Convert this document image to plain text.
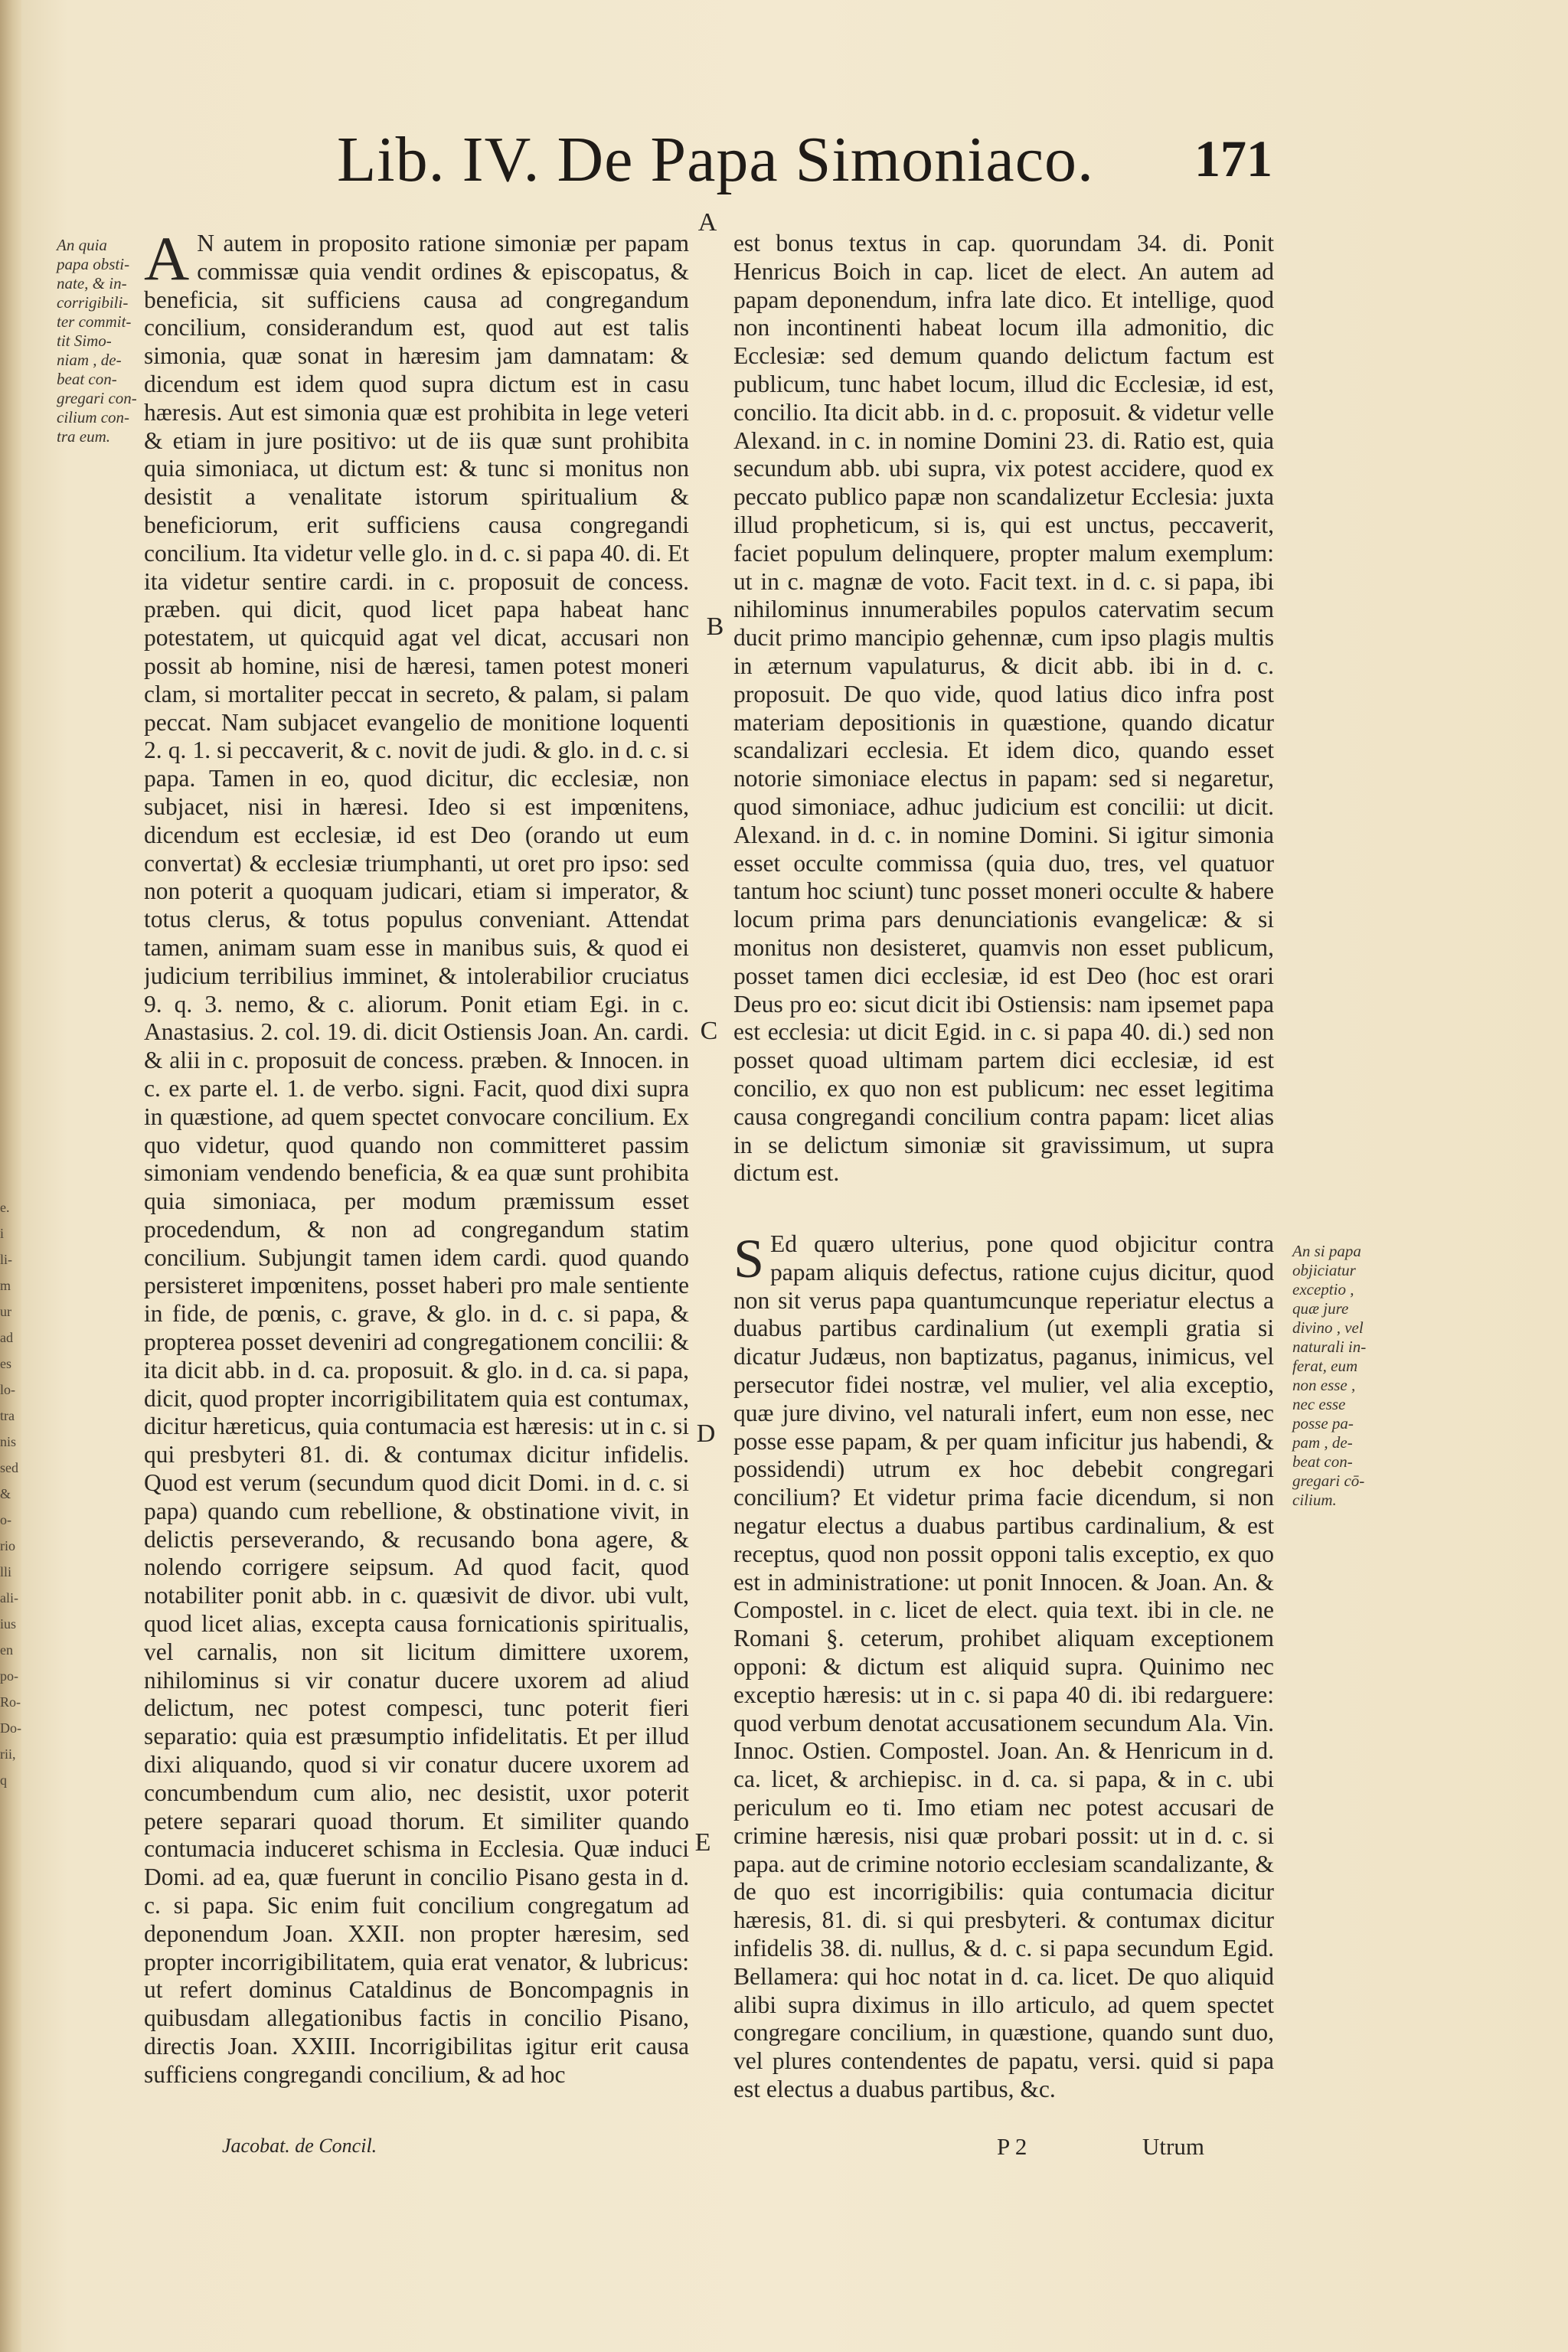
e.
i
li-
m
ur
ad
es
lo-
tra
nis
sed
&
o-
rio
lli
ali-
ius
en
po-
Ro-
Do-
rii,
q
Lib. IV. De Papa Simoniaco.	171
An quia
papa obsti-
nate, & in-
corrigibili-
ter commit-
tit Simo-
niam , de-
beat con-
gregari con-
cilium con-
tra eum.
An si papa
objiciatur
exceptio ,
quæ jure
divino , vel
naturali in-
ferat, eum
non esse ,
nec esse
posse pa-
pam , de-
beat con-
gregari cō-
cilium.
A
B
C
D
E

A N autem in proposito ratione simoniæ per papam commissæ quia vendit ordines & episcopatus, & beneficia, sit sufficiens causa ad congregandum concilium, considerandum est, quod aut est talis simonia, quæ sonat in hæresim jam damnatam: & dicendum est idem quod supra dictum est in casu hæresis. Aut est simonia quæ est prohibita in lege veteri & etiam in jure positivo: ut de iis quæ sunt prohibita quia simoniaca, ut dictum est: & tunc si monitus non desistit a venalitate istorum spiritualium & beneficiorum, erit sufficiens causa congregandi concilium. Ita videtur velle glo. in d. c. si papa 40. di. Et ita videtur sentire cardi. in c. proposuit de concess. præben. qui dicit, quod licet papa habeat hanc potestatem, ut quicquid agat vel dicat, accusari non possit ab homine, nisi de hæresi, tamen potest moneri clam, si mortaliter peccat in secreto, & palam, si palam peccat. Nam subjacet evangelio de monitione loquenti 2. q. 1. si peccaverit, & c. novit de judi. & glo. in d. c. si papa. Tamen in eo, quod dicitur, dic ecclesiæ, non subjacet, nisi in hæresi. Ideo si est impœnitens, dicendum est ecclesiæ, id est Deo (orando ut eum convertat) & ecclesiæ triumphanti, ut oret pro ipso: sed non poterit a quoquam judicari, etiam si imperator, & totus clerus, & totus populus conveniant. Attendat tamen, animam suam esse in manibus suis, & quod ei judicium terribilius imminet, & intolerabilior cruciatus 9. q. 3. nemo, & c. aliorum. Ponit etiam Egi. in c. Anastasius. 2. col. 19. di. dicit Ostiensis Joan. An. cardi. & alii in c. proposuit de concess. præben. & Innocen. in c. ex parte el. 1. de verbo. signi. Facit, quod dixi supra in quæstione, ad quem spectet convocare concilium. Ex quo videtur, quod quando non committeret passim simoniam vendendo beneficia, & ea quæ sunt prohibita quia simoniaca, per modum præmissum esset procedendum, & non ad congregandum statim concilium. Subjungit tamen idem cardi. quod quando persisteret impœnitens, posset haberi pro male sentiente in fide, de pœnis, c. grave, & glo. in d. c. si papa, & propterea posset deveniri ad congregationem concilii: & ita dicit abb. in d. ca. proposuit. & glo. in d. ca. si papa, dicit, quod propter incorrigibilitatem quia est contumax, dicitur hæreticus, quia contumacia est hæresis: ut in c. si qui presbyteri 81. di. & contumax dicitur infidelis. Quod est verum (secundum quod dicit Domi. in d. c. si papa) quando cum rebellione, & obstinatione vivit, in delictis perseverando, & recusando bona agere, & nolendo corrigere seipsum. Ad quod facit, quod notabiliter ponit abb. in c. quæsivit de divor. ubi vult, quod licet alias, excepta causa fornicationis spiritualis, vel carnalis, non sit licitum dimittere uxorem, nihilominus si vir conatur ducere uxorem ad aliud delictum, nec potest compesci, tunc poterit fieri separatio: quia est præsumptio infidelitatis. Et per illud dixi aliquando, quod si vir conatur ducere uxorem ad concumbendum cum alio, nec desistit, uxor poterit petere separari quoad thorum. Et similiter quando contumacia induceret schisma in Ecclesia. Quæ induci Domi. ad ea, quæ fuerunt in concilio Pisano gesta in d. c. si papa. Sic enim fuit concilium congregatum ad deponendum Joan. XXII. non propter hæresim, sed propter incorrigibilitatem, quia erat venator, & lubricus: ut refert dominus Cataldinus de Boncompagnis in quibusdam allegationibus factis in concilio Pisano, directis Joan. XXIII. Incorrigibilitas igitur erit causa sufficiens congregandi concilium, & ad hoc

est bonus textus in cap. quorundam 34. di. Ponit Henricus Boich in cap. licet de elect. An autem ad papam deponendum, infra late dico. Et intellige, quod non incontinenti habeat locum illa admonitio, dic Ecclesiæ: sed demum quando delictum factum est publicum, tunc habet locum, illud dic Ecclesiæ, id est, concilio. Ita dicit abb. in d. c. proposuit. & videtur velle Alexand. in c. in nomine Domini 23. di. Ratio est, quia secundum abb. ubi supra, vix potest accidere, quod ex peccato publico papæ non scandalizetur Ecclesia: juxta illud propheticum, si is, qui est unctus, peccaverit, faciet populum delinquere, propter malum exemplum: ut in c. magnæ de voto. Facit text. in d. c. si papa, ibi nihilominus innumerabiles populos catervatim secum ducit primo mancipio gehennæ, cum ipso plagis multis in æternum vapulaturus, & dicit abb. ibi in d. c. proposuit. De quo vide, quod latius dico infra post materiam depositionis in quæstione, quando dicatur scandalizari ecclesia. Et idem dico, quando esset notorie simoniace electus in papam: sed si negaretur, quod simoniace, adhuc judicium est concilii: ut dicit. Alexand. in d. c. in nomine Domini. Si igitur simonia esset occulte commissa (quia duo, tres, vel quatuor tantum hoc sciunt) tunc posset moneri occulte & habere locum prima pars denunciationis evangelicæ: & si monitus non desisteret, quamvis non esset publicum, posset tamen dici ecclesiæ, id est Deo (hoc est orari Deus pro eo: sicut dicit ibi Ostiensis: nam ipsemet papa est ecclesia: ut dicit Egid. in c. si papa 40. di.) sed non posset quoad ultimam partem dici ecclesiæ, id est concilio, ex quo non est publicum: nec esset legitima causa congregandi concilium contra papam: licet alias in se delictum simoniæ sit gravissimum, ut supra dictum est.

S Ed quæro ulterius, pone quod objicitur contra papam aliquis defectus, ratione cujus dicitur, quod non sit verus papa quantumcunque reperiatur electus a duabus partibus cardinalium (ut exempli gratia si dicatur Judæus, non baptizatus, paganus, inimicus, vel persecutor fidei nostræ, vel mulier, vel alia exceptio, quæ jure divino, vel naturali infert, eum non esse, nec posse esse papam, & per quam inficitur jus habendi, & possidendi) utrum ex hoc debebit congregari concilium? Et videtur prima facie dicendum, si non negatur electus a duabus partibus cardinalium, & est receptus, quod non possit opponi talis exceptio, ex quo est in administratione: ut ponit Innocen. & Joan. An. & Compostel. in c. licet de elect. quia text. ibi in cle. ne Romani §. ceterum, prohibet aliquam exceptionem opponi: & dictum est aliquid supra. Quinimo nec exceptio hæresis: ut in c. si papa 40 di. ibi redarguere: quod verbum denotat accusationem secundum Ala. Vin. Innoc. Ostien. Compostel. Joan. An. & Henricum in d. ca. licet, & archiepisc. in d. ca. si papa, & in c. ubi periculum eo ti. Imo etiam nec potest accusari de crimine hæresis, nisi quæ probari possit: ut in d. c. si papa. aut de crimine notorio ecclesiam scandalizante, & de quo est incorrigibilis: quia contumacia dicitur hæresis, 81. di. si qui presbyteri. & contumax dicitur infidelis 38. di. nullus, & d. c. si papa secundum Egid. Bellamera: qui hoc notat in d. ca. licet. De quo aliquid alibi supra diximus in illo articulo, ad quem spectet congregare concilium, in quæstione, quando sunt duo, vel plures contendentes de papatu, versi. quid si papa est electus a duabus partibus, &c.

Jacobat. de Concil.	P 2	Utrum
